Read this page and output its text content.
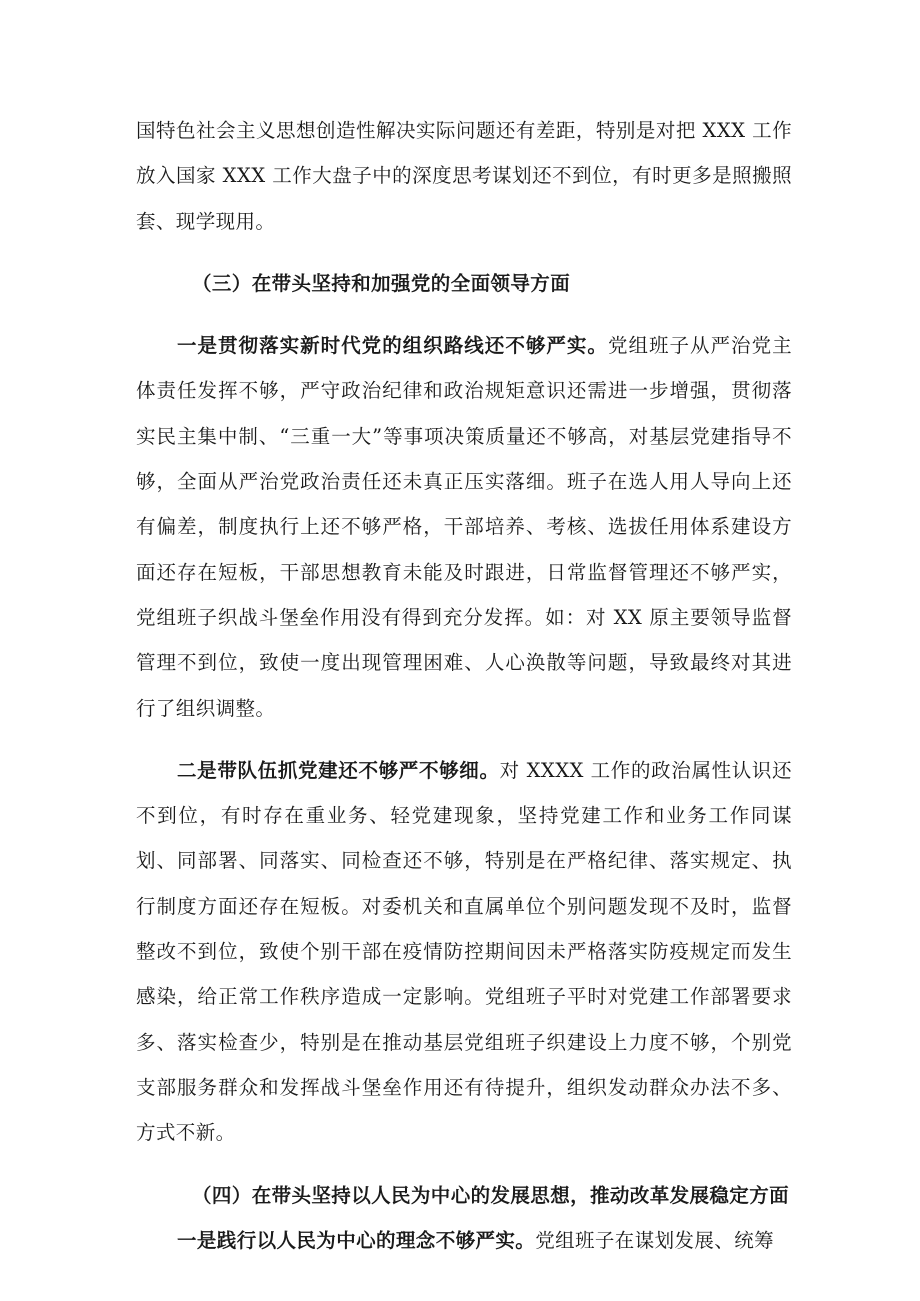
国特色社会主义思想创造性解决实际问题还有差距，特别是对把 XXX 工作放入国家 XXX 工作大盘子中的深度思考谋划还不到位，有时更多是照搬照套、现学现用。

（三）在带头坚持和加强党的全面领导方面

一是贯彻落实新时代党的组织路线还不够严实。党组班子从严治党主体责任发挥不够，严守政治纪律和政治规矩意识还需进一步增强，贯彻落实民主集中制、“三重一大”等事项决策质量还不够高，对基层党建指导不够，全面从严治党政治责任还未真正压实落细。班子在选人用人导向上还有偏差，制度执行上还不够严格，干部培养、考核、选拔任用体系建设方面还存在短板，干部思想教育未能及时跟进，日常监督管理还不够严实，党组班子织战斗堡垒作用没有得到充分发挥。如：对 XX 原主要领导监督管理不到位，致使一度出现管理困难、人心涣散等问题，导致最终对其进行了组织调整。

二是带队伍抓党建还不够严不够细。对 XXXX 工作的政治属性认识还不到位，有时存在重业务、轻党建现象，坚持党建工作和业务工作同谋划、同部署、同落实、同检查还不够，特别是在严格纪律、落实规定、执行制度方面还存在短板。对委机关和直属单位个别问题发现不及时，监督整改不到位，致使个别干部在疫情防控期间因未严格落实防疫规定而发生感染，给正常工作秩序造成一定影响。党组班子平时对党建工作部署要求多、落实检查少，特别是在推动基层党组班子织建设上力度不够，个别党支部服务群众和发挥战斗堡垒作用还有待提升，组织发动群众办法不多、方式不新。

（四）在带头坚持以人民为中心的发展思想，推动改革发展稳定方面

一是践行以人民为中心的理念不够严实。党组班子在谋划发展、统筹
